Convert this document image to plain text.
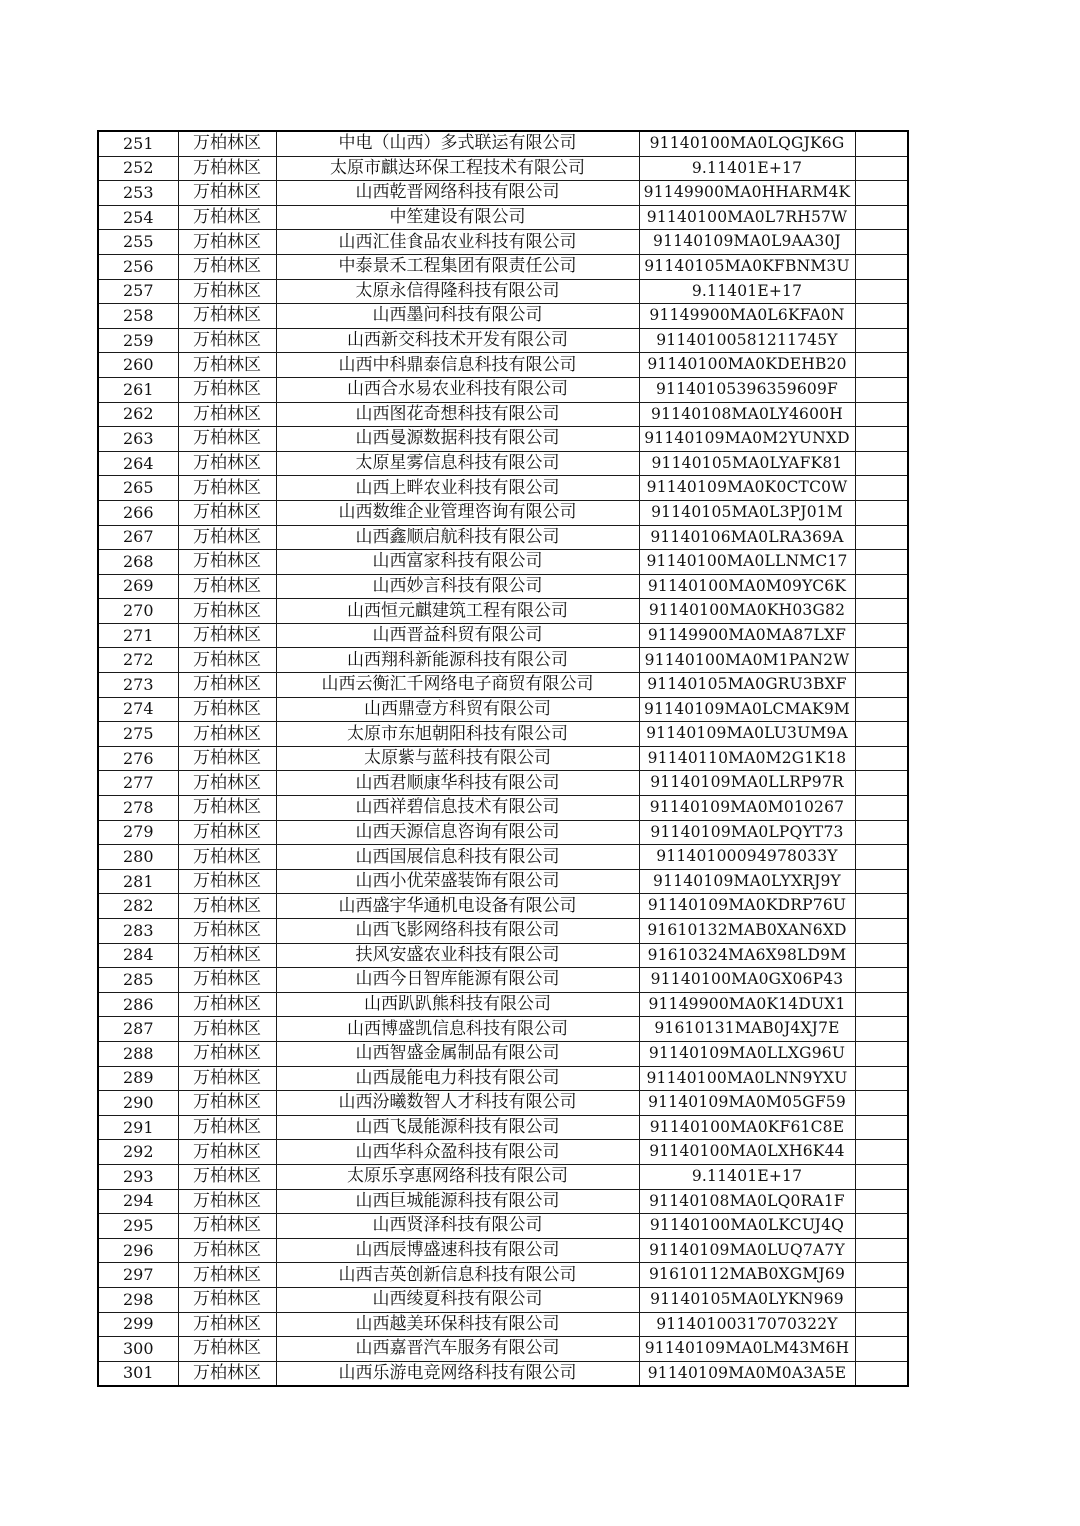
251	万柏林区	中电（山西）多式联运有限公司	91140100MA0LQGJK6G	
252	万柏林区	太原市麒达环保工程技术有限公司	9.11401E+17	
253	万柏林区	山西乾晋网络科技有限公司	91149900MA0HHARM4K	
254	万柏林区	中笙建设有限公司	91140100MA0L7RH57W	
255	万柏林区	山西汇佳食品农业科技有限公司	91140109MA0L9AA30J	
256	万柏林区	中泰景禾工程集团有限责任公司	91140105MA0KFBNM3U	
257	万柏林区	太原永信得隆科技有限公司	9.11401E+17	
258	万柏林区	山西墨问科技有限公司	91149900MA0L6KFA0N	
259	万柏林区	山西新交科技术开发有限公司	91140100581211745Y	
260	万柏林区	山西中科鼎泰信息科技有限公司	91140100MA0KDEHB20	
261	万柏林区	山西合水易农业科技有限公司	91140105396359609F	
262	万柏林区	山西图花奇想科技有限公司	91140108MA0LY4600H	
263	万柏林区	山西曼源数据科技有限公司	91140109MA0M2YUNXD	
264	万柏林区	太原星雾信息科技有限公司	91140105MA0LYAFK81	
265	万柏林区	山西上畔农业科技有限公司	91140109MA0K0CTC0W	
266	万柏林区	山西数维企业管理咨询有限公司	91140105MA0L3PJ01M	
267	万柏林区	山西鑫顺启航科技有限公司	91140106MA0LRA369A	
268	万柏林区	山西富家科技有限公司	91140100MA0LLNMC17	
269	万柏林区	山西妙言科技有限公司	91140100MA0M09YC6K	
270	万柏林区	山西恒元麒建筑工程有限公司	91140100MA0KH03G82	
271	万柏林区	山西晋益科贸有限公司	91149900MA0MA87LXF	
272	万柏林区	山西翔科新能源科技有限公司	91140100MA0M1PAN2W	
273	万柏林区	山西云衡汇千网络电子商贸有限公司	91140105MA0GRU3BXF	
274	万柏林区	山西鼎壹方科贸有限公司	91140109MA0LCMAK9M	
275	万柏林区	太原市东旭朝阳科技有限公司	91140109MA0LU3UM9A	
276	万柏林区	太原紫与蓝科技有限公司	91140110MA0M2G1K18	
277	万柏林区	山西君顺康华科技有限公司	91140109MA0LLRP97R	
278	万柏林区	山西祥碧信息技术有限公司	91140109MA0M010267	
279	万柏林区	山西天源信息咨询有限公司	91140109MA0LPQYT73	
280	万柏林区	山西国展信息科技有限公司	91140100094978033Y	
281	万柏林区	山西小优荣盛装饰有限公司	91140109MA0LYXRJ9Y	
282	万柏林区	山西盛宇华通机电设备有限公司	91140109MA0KDRP76U	
283	万柏林区	山西飞影网络科技有限公司	91610132MAB0XAN6XD	
284	万柏林区	扶风安盛农业科技有限公司	91610324MA6X98LD9M	
285	万柏林区	山西今日智库能源有限公司	91140100MA0GX06P43	
286	万柏林区	山西趴趴熊科技有限公司	91149900MA0K14DUX1	
287	万柏林区	山西博盛凯信息科技有限公司	91610131MAB0J4XJ7E	
288	万柏林区	山西智盛金属制品有限公司	91140109MA0LLXG96U	
289	万柏林区	山西晟能电力科技有限公司	91140100MA0LNN9YXU	
290	万柏林区	山西汾曦数智人才科技有限公司	91140109MA0M05GF59	
291	万柏林区	山西飞晟能源科技有限公司	91140100MA0KF61C8E	
292	万柏林区	山西华科众盈科技有限公司	91140100MA0LXH6K44	
293	万柏林区	太原乐享惠网络科技有限公司	9.11401E+17	
294	万柏林区	山西巨城能源科技有限公司	91140108MA0LQ0RA1F	
295	万柏林区	山西贤泽科技有限公司	91140100MA0LKCUJ4Q	
296	万柏林区	山西辰博盛速科技有限公司	91140109MA0LUQ7A7Y	
297	万柏林区	山西吉英创新信息科技有限公司	91610112MAB0XGMJ69	
298	万柏林区	山西绫夏科技有限公司	91140105MA0LYKN969	
299	万柏林区	山西越美环保科技有限公司	91140100317070322Y	
300	万柏林区	山西嘉晋汽车服务有限公司	91140109MA0LM43M6H	
301	万柏林区	山西乐游电竞网络科技有限公司	91140109MA0M0A3A5E	
